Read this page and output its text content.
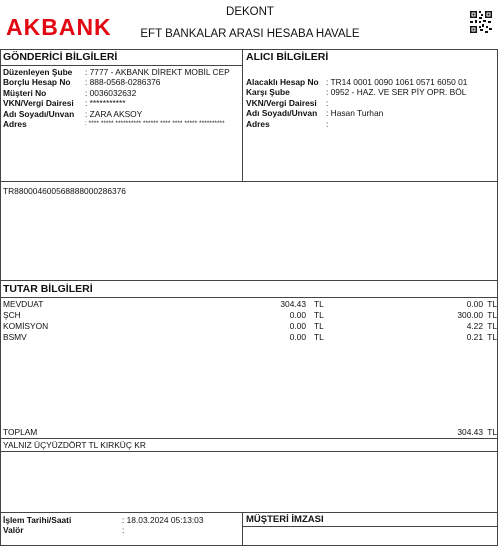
AKBANK
DEKONT
EFT BANKALAR ARASI HESABA HAVALE
GÖNDERİCİ BİLGİLERİ
Düzenleyen Şube : 7777 - AKBANK DİREKT MOBİL CEP
Borçlu Hesap No : 888-0568-0286376
Müşteri No	: 0036032632
VKN/Vergi Dairesi : ***********
Adı Soyadı/Unvan : ZARA AKSOY
Adres	: **** ***** ********** ****** **** **** ***** **********
ALICI BİLGİLERİ
Alacaklı Hesap No : TR14 0001 0090 1061 0571 6050 01
Karşı Şube	: 0952 - HAZ. VE SER PİY OPR. BÖL
VKN/Vergi Dairesi :
Adı Soyadı/Unvan : Hasan Turhan
Adres	:
TR880004600568888000286376
TUTAR BİLGİLERİ
MEVDUAT	304.43 TL	0.00 TL
ŞCH	0.00 TL	300.00 TL
KOMİSYON	0.00 TL	4.22 TL
BSMV	0.00 TL	0.21 TL
TOPLAM	304.43 TL
YALNIZ ÜÇYÜZDÖRT TL KIRKÜÇ KR
İşlem Tarihi/Saati	: 18.03.2024 05:13:03
Valör	:
MÜŞTERİ İMZASI
